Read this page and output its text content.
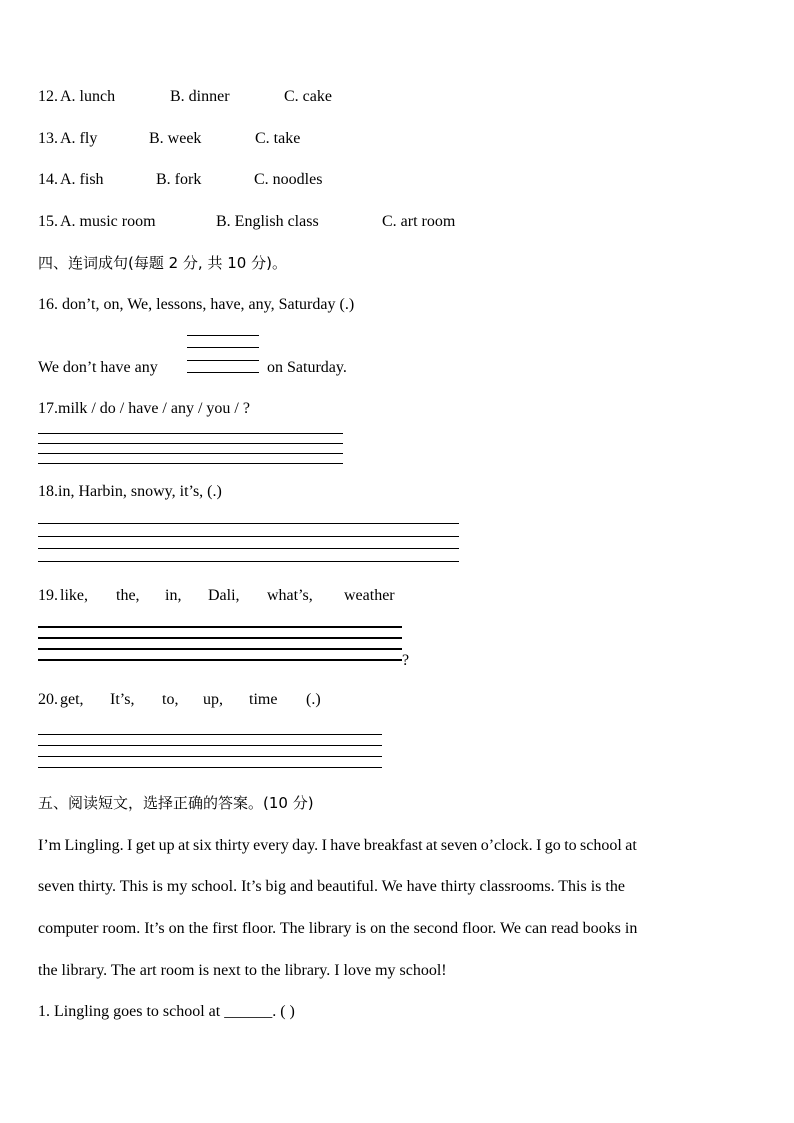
12. A. lunch	B. dinner	C. cake
13. A. fly	B. week	C. take
14. A. fish	B. fork	C. noodles
15. A. music room	B. English class	C. art room
四、连词成句(每题 2 分, 共 10 分)。
16. don’t, on, We, lessons, have, any, Saturday (.)
We don’t have any	on Saturday.
17.milk / do / have / any / you / ?
18.in, Harbin, snowy, it’s, (.)
19. like, the, in, Dali, what’s, weather
?
20. get, It’s, to, up, time (.)
五、阅读短文，选择正确的答案。(10 分)
I’m Lingling. I get up at six thirty every day. I have breakfast at seven o’clock. I go to school at
seven thirty. This is my school. It’s big and beautiful. We have thirty classrooms. This is the
computer room. It’s on the first floor. The library is on the second floor. We can read books in
the library. The art room is next to the library. I love my school!
1. Lingling goes to school at ______. ( )
